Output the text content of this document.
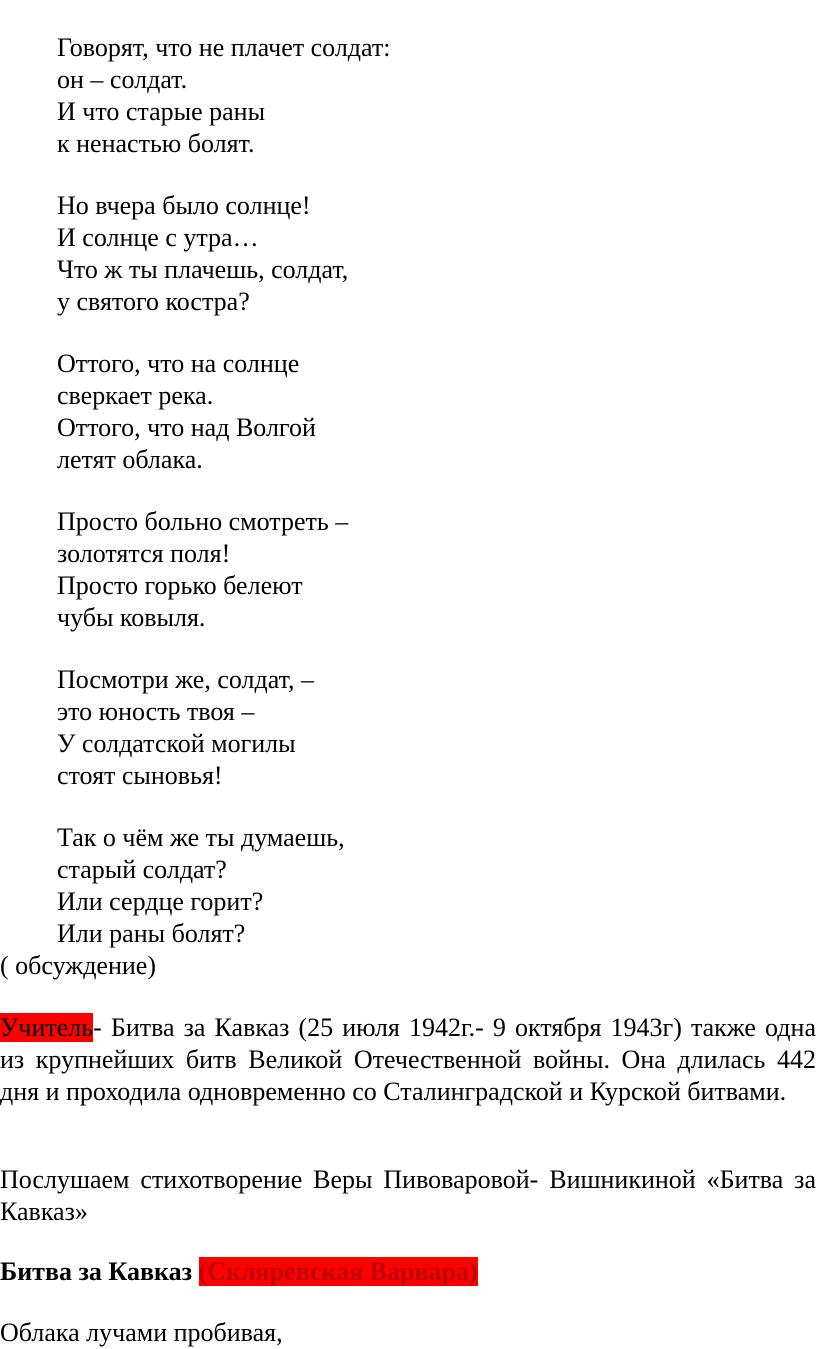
Говорят, что не плачет солдат:
он – солдат.
И что старые раны
к ненастью болят.
Но вчера было солнце!
И солнце с утра…
Что ж ты плачешь, солдат,
у святого костра?
Оттого, что на солнце
сверкает река.
Оттого, что над Волгой
летят облака.
Просто больно смотреть –
золотятся поля!
Просто горько белеют
чубы ковыля.
Посмотри же, солдат, –
это юность твоя –
У солдатской могилы
стоят сыновья!
Так о чём же ты думаешь,
старый солдат?
Или сердце горит?
Или раны болят?
( обсуждение)

Учитель- Битва за Кавказ (25 июля 1942г.- 9 октября 1943г) также одна из крупнейших битв Великой Отечественной войны. Она длилась 442 дня и проходила одновременно со Сталинградской и Курской битвами.

Послушаем стихотворение Веры Пивоваровой- Вишникиной «Битва за Кавказ»

Битва за Кавказ (Скляревская Варвара)

Облака лучами пробивая,
